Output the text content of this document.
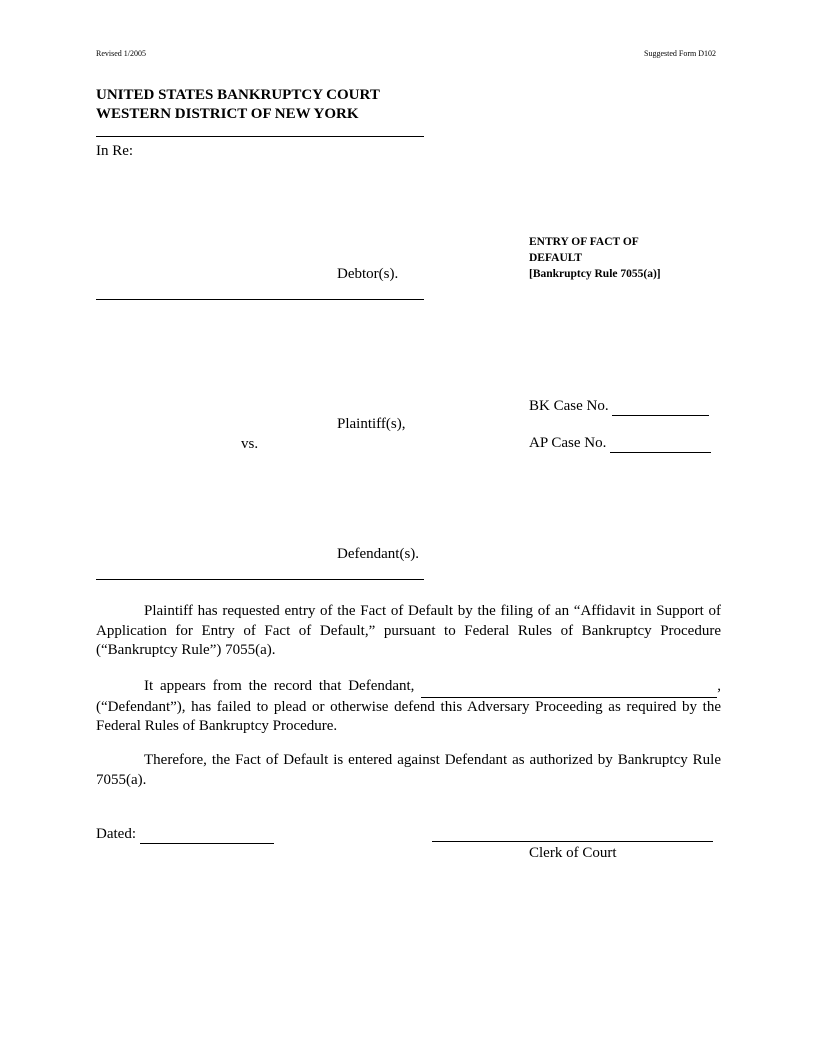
Revised 1/2005	Suggested Form D102
UNITED STATES BANKRUPTCY COURT
WESTERN DISTRICT OF NEW YORK
In Re:
Debtor(s).
Plaintiff(s),
vs.
Defendant(s).
ENTRY OF FACT OF
DEFAULT
[Bankruptcy Rule 7055(a)]
BK Case No.
AP Case No.
Plaintiff has requested entry of the Fact of Default by the filing of an “Affidavit in Support of Application for Entry of Fact of Default,” pursuant to Federal Rules of Bankruptcy Procedure (“Bankruptcy Rule”) 7055(a).
It appears from the record that Defendant,	, (“Defendant”), has failed to plead or otherwise defend this Adversary Proceeding as required by the Federal Rules of Bankruptcy Procedure.
Therefore, the Fact of Default is entered against Defendant as authorized by Bankruptcy Rule 7055(a).
Dated:
Clerk of Court
